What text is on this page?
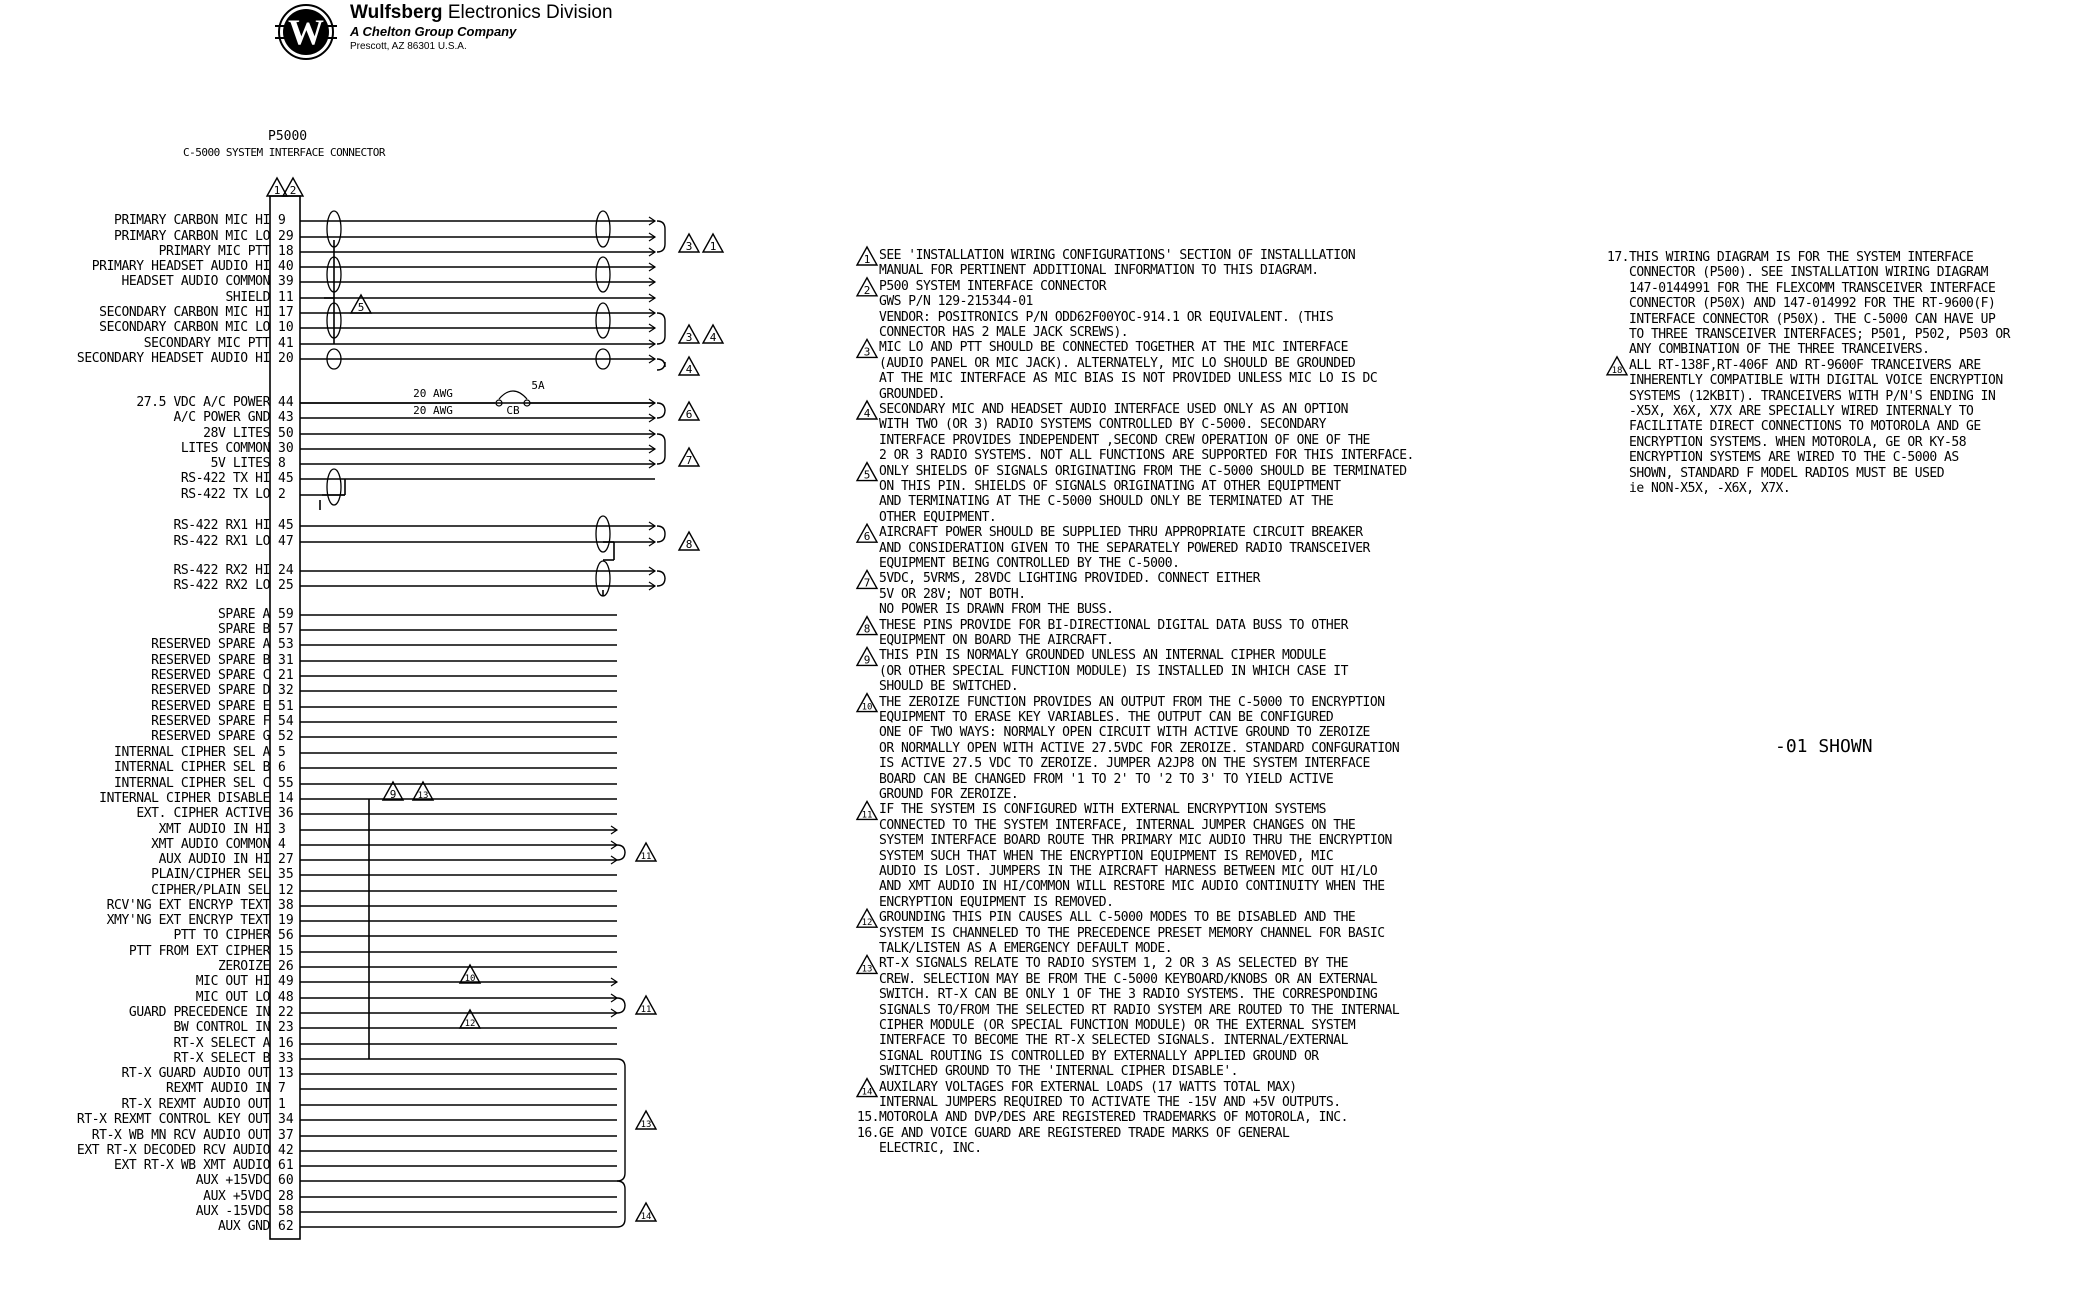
W Wulfsberg Electronics Division
A Chelton Group Company
Prescott, AZ 86301 U.S.A.
P5000
C-5000 SYSTEM INTERFACE CONNECTOR
PRIMARY CARBON MIC HI 9
PRIMARY CARBON MIC LO 29
PRIMARY MIC PTT 18
PRIMARY HEADSET AUDIO HI 40
HEADSET AUDIO COMMON 39
SHIELD 11
SECONDARY CARBON MIC HI 17
SECONDARY CARBON MIC LO 10
SECONDARY MIC PTT 41
SECONDARY HEADSET AUDIO HI 20
27.5 VDC A/C POWER 44
A/C POWER GND 43
28V LITES 50
LITES COMMON 30
5V LITES 8
RS-422 TX HI 45
RS-422 TX LO 2
RS-422 RX1 HI 45
RS-422 RX1 LO 47
RS-422 RX2 HI 24
RS-422 RX2 LO 25
SPARE A 59
SPARE B 57
RESERVED SPARE A 53
RESERVED SPARE B 31
RESERVED SPARE C 21
RESERVED SPARE D 32
RESERVED SPARE E 51
RESERVED SPARE F 54
RESERVED SPARE G 52
INTERNAL CIPHER SEL A 5
INTERNAL CIPHER SEL B 6
INTERNAL CIPHER SEL C 55
INTERNAL CIPHER DISABLE 14
EXT. CIPHER ACTIVE 36
XMT AUDIO IN HI 3
XMT AUDIO COMMON 4
AUX AUDIO IN HI 27
PLAIN/CIPHER SEL 35
CIPHER/PLAIN SEL 12
RCV'NG EXT ENCRYP TEXT 38
XMY'NG EXT ENCRYP TEXT 19
PTT TO CIPHER 56
PTT FROM EXT CIPHER 15
ZEROIZE 26
MIC OUT HI 49
MIC OUT LO 48
GUARD PRECEDENCE IN 22
BW CONTROL IN 23
RT-X SELECT A 16
RT-X SELECT B 33
RT-X GUARD AUDIO OUT 13
REXMT AUDIO IN 7
RT-X REXMT AUDIO OUT 1
RT-X REXMT CONTROL KEY OUT 34
RT-X WB MN RCV AUDIO OUT 37
EXT RT-X DECODED RCV AUDIO 42
EXT RT-X WB XMT AUDIO 61
AUX +15VDC 60
AUX +5VDC 28
AUX -15VDC 58
AUX GND 62
SEE 'INSTALLATION WIRING CONFIGURATIONS' SECTION OF INSTALLLATION
MANUAL FOR PERTINENT ADDITIONAL INFORMATION TO THIS DIAGRAM.
P500 SYSTEM INTERFACE CONNECTOR
GWS P/N 129-215344-01
VENDOR: POSITRONICS P/N ODD62F00YOC-914.1 OR EQUIVALENT. (THIS
CONNECTOR HAS 2 MALE JACK SCREWS).
MIC LO AND PTT SHOULD BE CONNECTED TOGETHER AT THE MIC INTERFACE
(AUDIO PANEL OR MIC JACK). ALTERNATELY, MIC LO SHOULD BE GROUNDED
AT THE MIC INTERFACE AS MIC BIAS IS NOT PROVIDED UNLESS MIC LO IS DC
GROUNDED.
SECONDARY MIC AND HEADSET AUDIO INTERFACE USED ONLY AS AN OPTION
WITH TWO (OR 3) RADIO SYSTEMS CONTROLLED BY C-5000. SECONDARY
INTERFACE PROVIDES INDEPENDENT ,SECOND CREW OPERATION OF ONE OF THE
2 OR 3 RADIO SYSTEMS. NOT ALL FUNCTIONS ARE SUPPORTED FOR THIS INTERFACE.
ONLY SHIELDS OF SIGNALS ORIGINATING FROM THE C-5000 SHOULD BE TERMINATED
ON THIS PIN. SHIELDS OF SIGNALS ORIGINATING AT OTHER EQUIPTMENT
AND TERMINATING AT THE C-5000 SHOULD ONLY BE TERMINATED AT THE
OTHER EQUIPMENT.
AIRCRAFT POWER SHOULD BE SUPPLIED THRU APPROPRIATE CIRCUIT BREAKER
AND CONSIDERATION GIVEN TO THE SEPARATELY POWERED RADIO TRANSCEIVER
EQUIPMENT BEING CONTROLLED BY THE C-5000.
5VDC, 5VRMS, 28VDC LIGHTING PROVIDED. CONNECT EITHER
5V OR 28V; NOT BOTH.
NO POWER IS DRAWN FROM THE BUSS.
THESE PINS PROVIDE FOR BI-DIRECTIONAL DIGITAL DATA BUSS TO OTHER
EQUIPMENT ON BOARD THE AIRCRAFT.
THIS PIN IS NORMALY GROUNDED UNLESS AN INTERNAL CIPHER MODULE
(OR OTHER SPECIAL FUNCTION MODULE) IS INSTALLED IN WHICH CASE IT
SHOULD BE SWITCHED.
THE ZEROIZE FUNCTION PROVIDES AN OUTPUT FROM THE C-5000 TO ENCRYPTION
EQUIPMENT TO ERASE KEY VARIABLES. THE OUTPUT CAN BE CONFIGURED
ONE OF TWO WAYS: NORMALY OPEN CIRCUIT WITH ACTIVE GROUND TO ZEROIZE
OR NORMALLY OPEN WITH ACTIVE 27.5VDC FOR ZEROIZE. STANDARD CONFGURATION
IS ACTIVE 27.5 VDC TO ZEROIZE. JUMPER A2JP8 ON THE SYSTEM INTERFACE
BOARD CAN BE CHANGED FROM '1 TO 2' TO '2 TO 3' TO YIELD ACTIVE
GROUND FOR ZEROIZE.
IF THE SYSTEM IS CONFIGURED WITH EXTERNAL ENCRYPYTION SYSTEMS
CONNECTED TO THE SYSTEM INTERFACE, INTERNAL JUMPER CHANGES ON THE
SYSTEM INTERFACE BOARD ROUTE THR PRIMARY MIC AUDIO THRU THE ENCRYPTION
SYSTEM SUCH THAT WHEN THE ENCRYPTION EQUIPMENT IS REMOVED, MIC
AUDIO IS LOST. JUMPERS IN THE AIRCRAFT HARNESS BETWEEN MIC OUT HI/LO
AND XMT AUDIO IN HI/COMMON WILL RESTORE MIC AUDIO CONTINUITY WHEN THE
ENCRYPTION EQUIPMENT IS REMOVED.
GROUNDING THIS PIN CAUSES ALL C-5000 MODES TO BE DISABLED AND THE
SYSTEM IS CHANNELED TO THE PRECEDENCE PRESET MEMORY CHANNEL FOR BASIC
TALK/LISTEN AS A EMERGENCY DEFAULT MODE.
RT-X SIGNALS RELATE TO RADIO SYSTEM 1, 2 OR 3 AS SELECTED BY THE
CREW. SELECTION MAY BE FROM THE C-5000 KEYBOARD/KNOBS OR AN EXTERNAL
SWITCH. RT-X CAN BE ONLY 1 OF THE 3 RADIO SYSTEMS. THE CORRESPONDING
SIGNALS TO/FROM THE SELECTED RT RADIO SYSTEM ARE ROUTED TO THE INTERNAL
CIPHER MODULE (OR SPECIAL FUNCTION MODULE) OR THE EXTERNAL SYSTEM
INTERFACE TO BECOME THE RT-X SELECTED SIGNALS. INTERNAL/EXTERNAL
SIGNAL ROUTING IS CONTROLLED BY EXTERNALLY APPLIED GROUND OR
SWITCHED GROUND TO THE 'INTERNAL CIPHER DISABLE'.
AUXILARY VOLTAGES FOR EXTERNAL LOADS (17 WATTS TOTAL MAX)
INTERNAL JUMPERS REQUIRED TO ACTIVATE THE -15V AND +5V OUTPUTS.
MOTOROLA AND DVP/DES ARE REGISTERED TRADEMARKS OF MOTOROLA, INC.
15.
GE AND VOICE GUARD ARE REGISTERED TRADE MARKS OF GENERAL
16.
ELECTRIC, INC.
THIS WIRING DIAGRAM IS FOR THE SYSTEM INTERFACE
17.
CONNECTOR (P500). SEE INSTALLATION WIRING DIAGRAM
147-0144991 FOR THE FLEXCOMM TRANSCEIVER INTERFACE
CONNECTOR (P50X) AND 147-014992 FOR THE RT-9600(F)
INTERFACE CONNECTOR (P50X). THE C-5000 CAN HAVE UP
TO THREE TRANSCEIVER INTERFACES; P501, P502, P503 OR
ANY COMBINATION OF THE THREE TRANCEIVERS.
ALL RT-138F,RT-406F AND RT-9600F TRANCEIVERS ARE
INHERENTLY COMPATIBLE WITH DIGITAL VOICE ENCRYPTION
SYSTEMS (12KBIT). TRANCEIVERS WITH P/N'S ENDING IN
-X5X, X6X, X7X ARE SPECIALLY WIRED INTERNALY TO
FACILITATE DIRECT CONNECTIONS TO MOTOROLA AND GE
ENCRYPTION SYSTEMS. WHEN MOTOROLA, GE OR KY-58
ENCRYPTION SYSTEMS ARE WIRED TO THE C-5000 AS
SHOWN, STANDARD F MODEL RADIOS MUST BE USED
ie NON-X5X, -X6X, X7X.
1 2
3 1
5
3 4
4
6
7
8
9 13
11
10
11
12
13
14
20 AWG
20 AWG
5A
CB
1
2
3
4
5
6
7
8
9
10
11
12
13
14
18
-01 SHOWN
